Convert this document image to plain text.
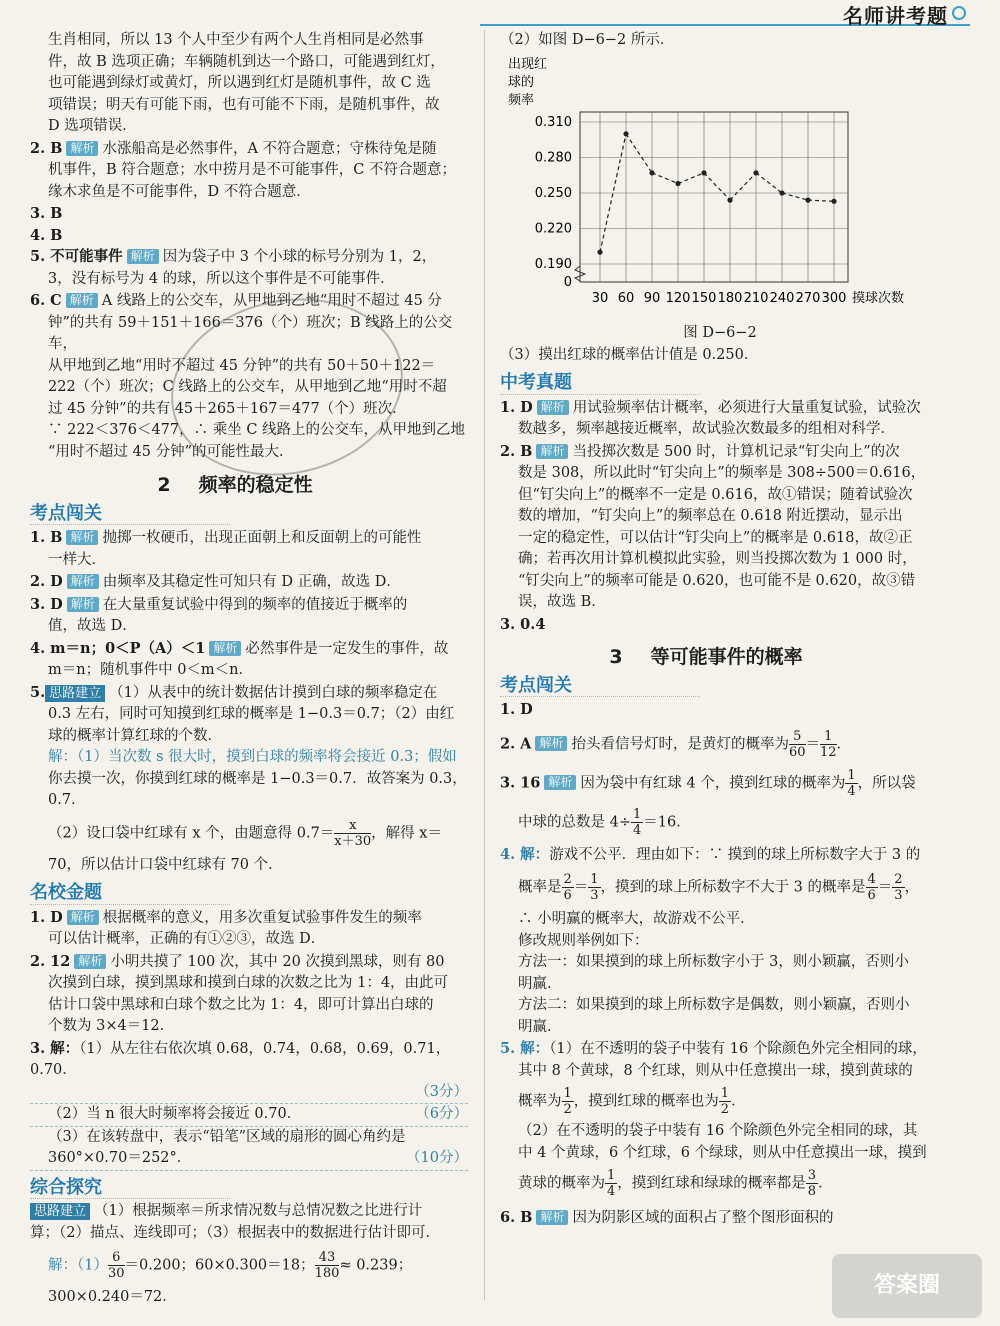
名师讲考题

生肖相同，所以 13 个人中至少有两个人生肖相同是必然事

件，故 B 选项正确；车辆随机到达一个路口，可能遇到红灯，

也可能遇到绿灯或黄灯，所以遇到红灯是随机事件，故 C 选

项错误；明天有可能下雨，也有可能不下雨，是随机事件，故

D 选项错误．

2. B 解析 水涨船高是必然事件，A 不符合题意；守株待兔是随

机事件，B 符合题意；水中捞月是不可能事件，C 不符合题意；

缘木求鱼是不可能事件，D 不符合题意．

3. B

4. B

5. 不可能事件 解析 因为袋子中 3 个小球的标号分别为 1，2，

3，没有标号为 4 的球，所以这个事件是不可能事件．

6. C 解析 A 线路上的公交车，从甲地到乙地“用时不超过 45 分

钟”的共有 59＋151＋166＝376（个）班次；B 线路上的公交车，

从甲地到乙地“用时不超过 45 分钟”的共有 50＋50＋122＝

222（个）班次；C 线路上的公交车，从甲地到乙地“用时不超

过 45 分钟”的共有 45＋265＋167＝477（个）班次．

∵ 222＜376＜477，∴ 乘坐 C 线路上的公交车，从甲地到乙地

“用时不超过 45 分钟”的可能性最大．

2 频率的稳定性
考点闯关

1. B 解析 抛掷一枚硬币，出现正面朝上和反面朝上的可能性

一样大．

2. D 解析 由频率及其稳定性可知只有 D 正确，故选 D．

3. D 解析 在大量重复试验中得到的频率的值接近于概率的

值，故选 D．

4. m＝n；0＜P（A）＜1 解析 必然事件是一定发生的事件，故

m＝n；随机事件中 0＜m＜n．

5. 思路建立 （1）从表中的统计数据估计摸到白球的频率稳定在

0.3 左右，同时可知摸到红球的概率是 1−0.3＝0.7；（2）由红

球的概率计算红球的个数．

解：（1）当次数 s 很大时，摸到白球的频率将会接近 0.3；假如

你去摸一次，你摸到红球的概率是 1−0.3＝0.7．故答案为 0.3，0.7．

（2）设口袋中红球有 x 个，由题意得 $0.7= \frac{x}{x+30}$ ，解得 x＝

70，所以估计口袋中红球有 70 个．

名校金题

1. D 解析 根据概率的意义，用多次重复试验事件发生的频率

可以估计概率，正确的有①②③，故选 D．

2. 12 解析 小明共摸了 100 次，其中 20 次摸到黑球，则有 80

次摸到白球，摸到黑球和摸到白球的次数之比为 1：4，由此可

估计口袋中黑球和白球个数之比为 1：4，即可计算出白球的

个数为 3×4＝12．

3. 解：（1）从左往右依次填 0.68，0.74，0.68，0.69，0.71，0.70．

（3分）

（2）当 n 很大时频率将会接近 0.70．	（6分）

（3）在该转盘中，表示“铅笔”区域的扇形的圆心角约是

360°×0.70＝252°．	（10分）

综合探究

思路建立 （1）根据频率＝所求情况数与总情况数之比进行计

算；（2）描点、连线即可；（3）根据表中的数据进行估计即可．

解：$(1) \frac{6}{30} =0.200$；60×0.300＝18； $\frac{43}{180} \approx 0.239$；

300×0.240＝72．

（2）如图 D−6−2 所示．

出现红
球的
频率
0.310
0.280
0.250
0.220
0.190
0
30 60 90 120 150 180 210 240 270 300 摸球次数

图 D−6−2

（3）摸出红球的概率估计值是 0.250．

中考真题

1. D 解析 用试验频率估计概率，必须进行大量重复试验，试验次

数越多，频率越接近概率，故试验次数最多的组相对科学．

2. B 解析 当投掷次数是 500 时，计算机记录“钉尖向上”的次

数是 308，所以此时“钉尖向上”的频率是 308÷500＝0.616，

但“钉尖向上”的概率不一定是 0.616，故①错误；随着试验次

数的增加，“钉尖向上”的频率总在 0.618 附近摆动，显示出

一定的稳定性，可以估计“钉尖向上”的概率是 0.618，故②正

确；若再次用计算机模拟此实验，则当投掷次数为 1 000 时，

“钉尖向上”的频率可能是 0.620，也可能不是 0.620，故③错

误，故选 B．

3. 0.4

3 等可能事件的概率
考点闯关

1. D

2. A 解析 抬头看信号灯时，是黄灯的概率为 $\frac{5}{60} = \frac{1}{12}$ ．

3. 16 解析 因为袋中有红球 4 个，摸到红球的概率为 $\frac{1}{4}$ ，所以袋

中球的总数是 $4\div \frac{1}{4} =16$．

4. 解：游戏不公平．理由如下：∵ 摸到的球上所标数字大于 3 的

概率是 $\frac{2}{6} = \frac{1}{3}$ ，摸到的球上所标数字不大于 3 的概率是 $\frac{4}{6} = \frac{2}{3}$ ，

∴ 小明赢的概率大，故游戏不公平．

修改规则举例如下：

方法一：如果摸到的球上所标数字小于 3，则小颖赢，否则小

明赢．

方法二：如果摸到的球上所标数字是偶数，则小颖赢，否则小

明赢．

5. 解：（1）在不透明的袋子中装有 16 个除颜色外完全相同的球，

其中 8 个黄球，8 个红球，则从中任意摸出一球，摸到黄球的

概率为 $\frac{1}{2}$ ，摸到红球的概率也为 $\frac{1}{2}$ ．

（2）在不透明的袋子中装有 16 个除颜色外完全相同的球，其

中 4 个黄球，6 个红球，6 个绿球，则从中任意摸出一球，摸到

黄球的概率为 $\frac{1}{4}$ ，摸到红球和绿球的概率都是 $\frac{3}{8}$ ．

6. B 解析 因为阴影区域的面积占了整个图形面积的

答案圈
